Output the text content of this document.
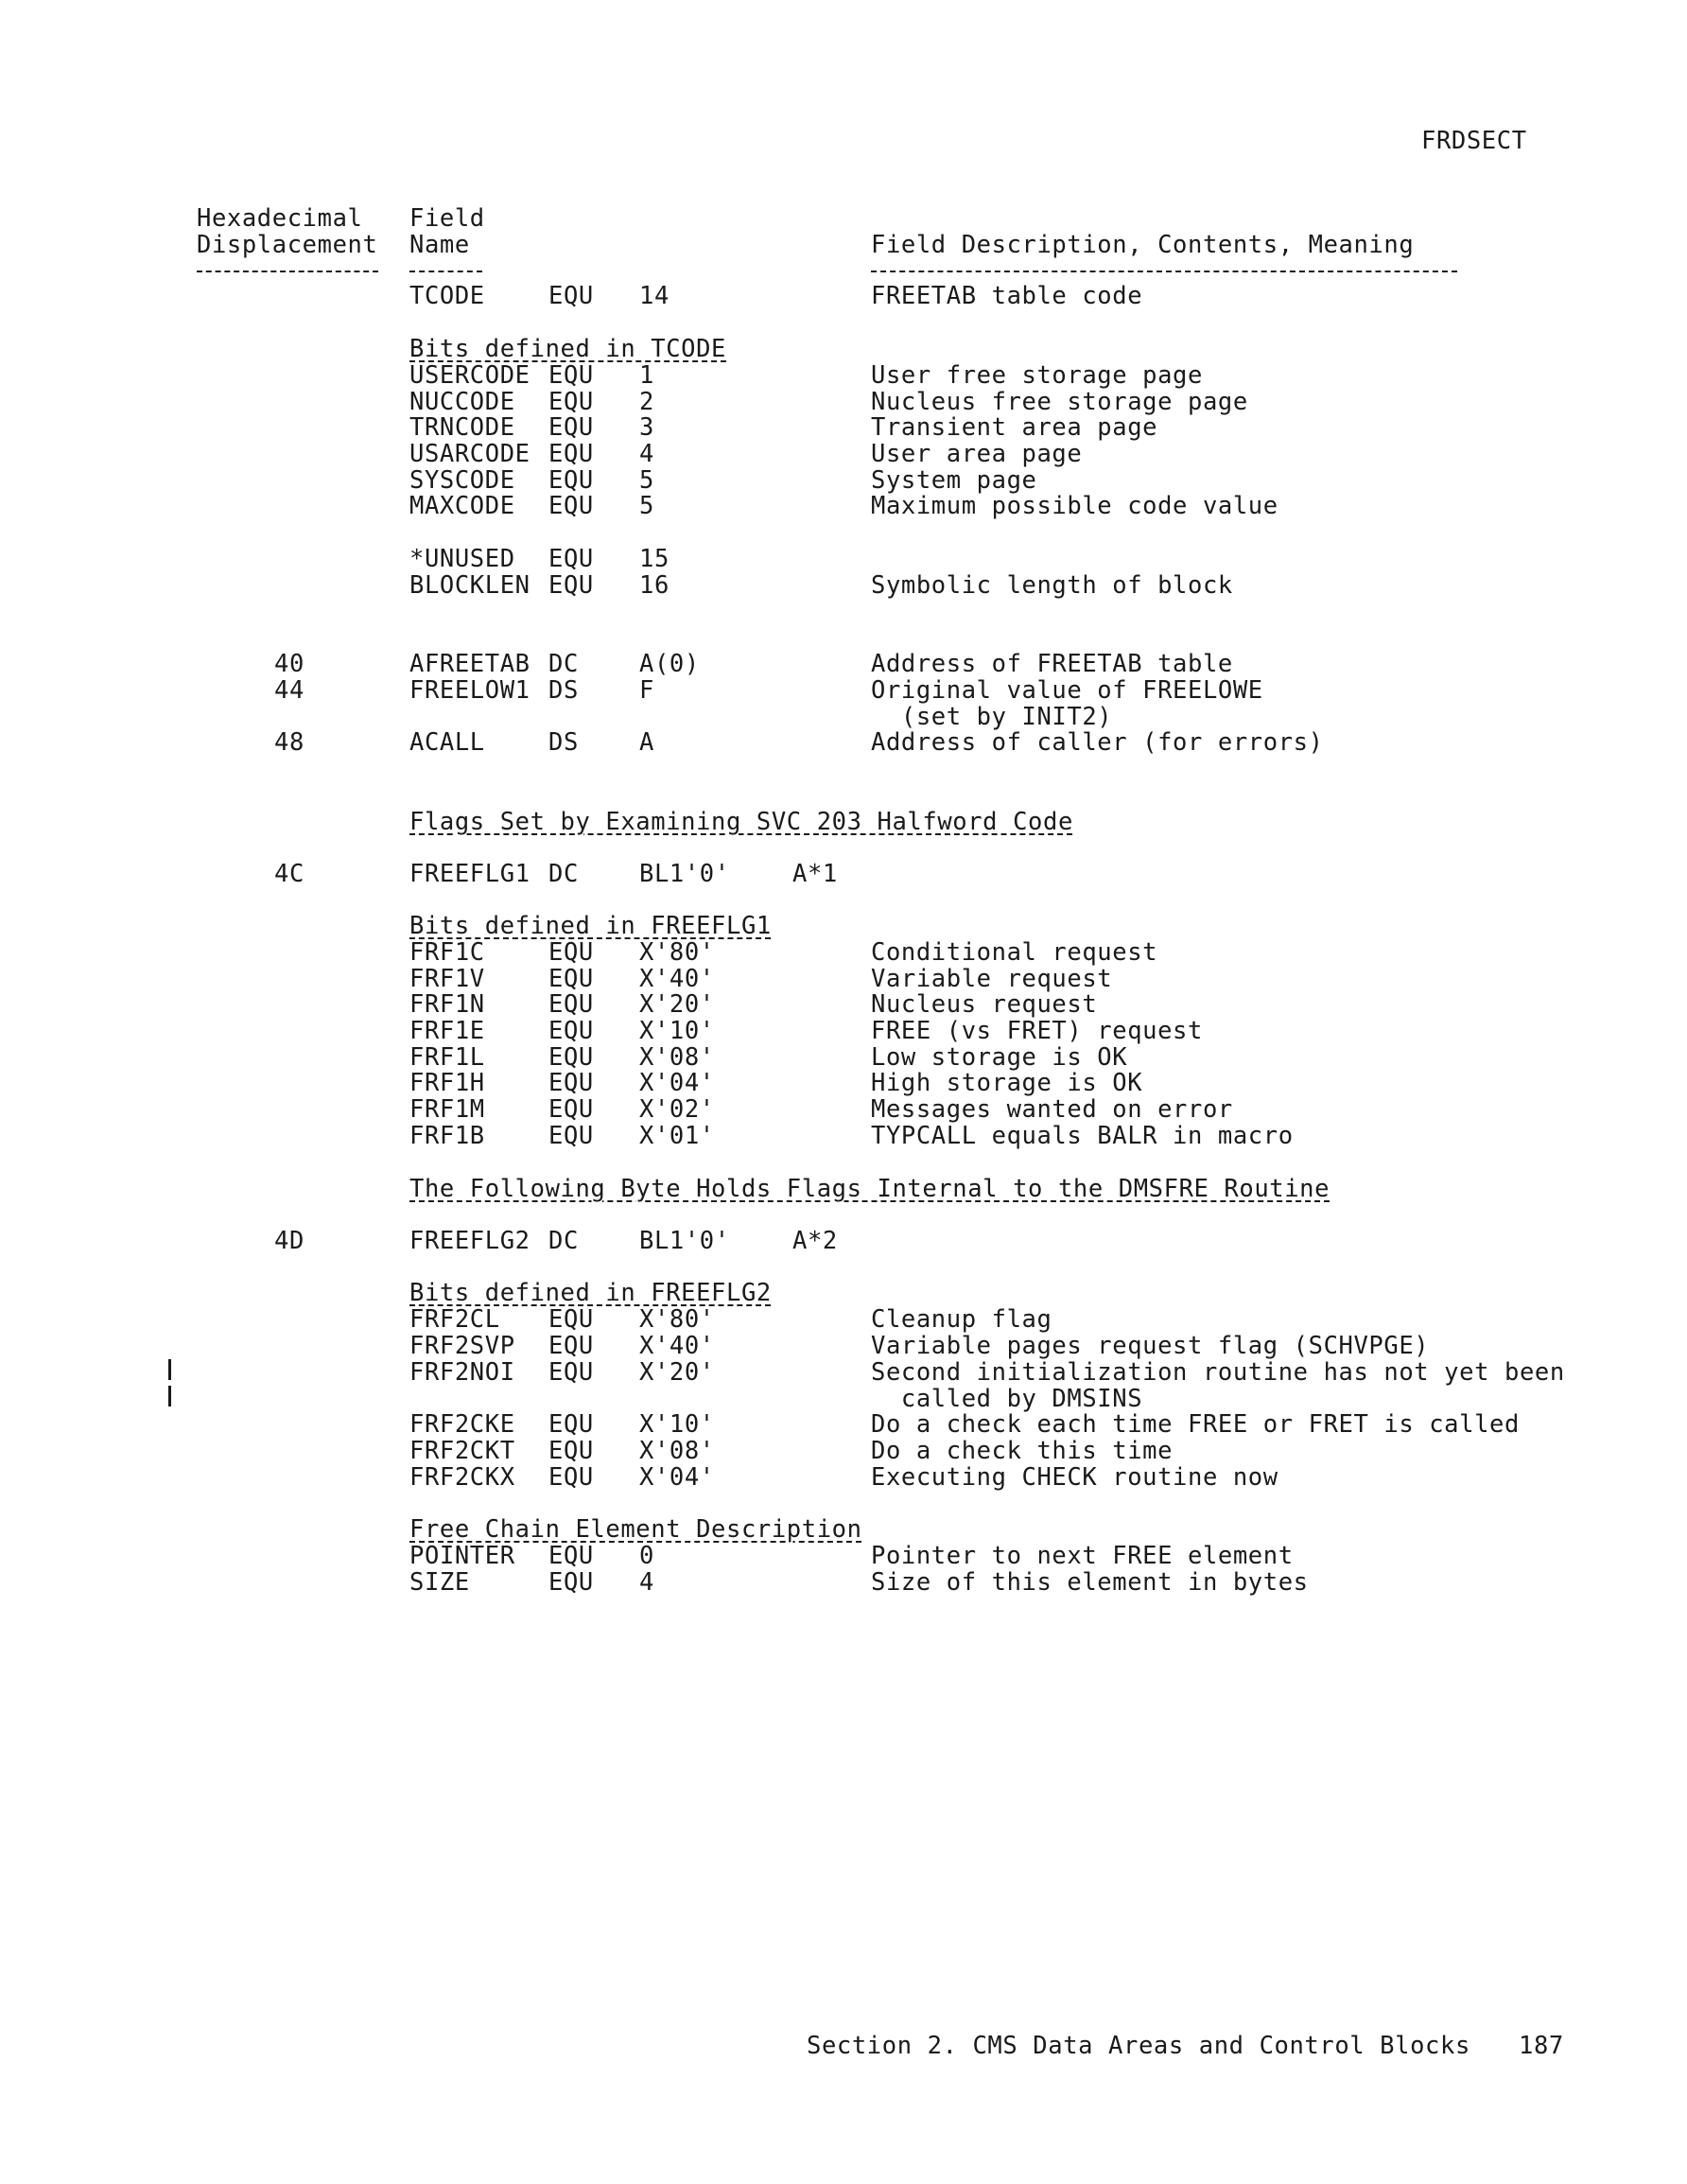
FRDSECT
Hexadecimal
Displacement
Field
Name	Field Description, Contents, Meaning
TCODE	EQU 14	FREETAB table code
Bits defined in TCODE
USERCODE EQU 1	User free storage page
NUCCODE EQU 2	Nucleus free storage page
TRNCODE EQU 3	Transient area page
USARCODE EQU 4	User area page
SYSCODE EQU 5	System page
MAXCODE EQU 5	Maximum possible code value
*UNUSED EQU 15
BLOCKLEN EQU 16	Symbolic length of block
40	AFREETAB DC	A(0)	Address of FREETAB table
44	FREELOW1 DS	F	Original value of FREELOWE
(set by INIT2)
48	ACALL	DS	A	Address of caller (for errors)
Flags Set by Examining SVC 203 Halfword Code
4C	FREEFLG1 DC	BL1'0'	A*1
Bits defined in FREEFLG1
FRF1C	EQU X'80'	Conditional request
FRF1V	EQU X'40'	Variable request
FRF1N	EQU X'20'	Nucleus request
FRF1E	EQU X'10'	FREE (vs FRET) request
FRF1L	EQU X'08'	Low storage is OK
FRF1H	EQU X'04'	High storage is OK
FRF1M	EQU X'02'	Messages wanted on error
FRF1B	EQU X'01'	TYPCALL equals BALR in macro
The Following Byte Holds Flags Internal to the DMSFRE Routine
4D	FREEFLG2 DC	BL1'0'	A*2
Bits defined in FREEFLG2
FRF2CL EQU X'80'	Cleanup flag
FRF2SVP EQU X'40'	Variable pages request flag (SCHVPGE)
FRF2NOI EQU X'20'	Second initialization routine has not yet been
called by DMSINS
FRF2CKE EQU X'10'	Do a check each time FREE or FRET is called
FRF2CKT EQU X'08'	Do a check this time
FRF2CKX EQU X'04'	Executing CHECK routine now
Free Chain Element Description
POINTER EQU 0	Pointer to next FREE element
SIZE	EQU 4	Size of this element in bytes
Section 2. CMS Data Areas and Control Blocks 187
